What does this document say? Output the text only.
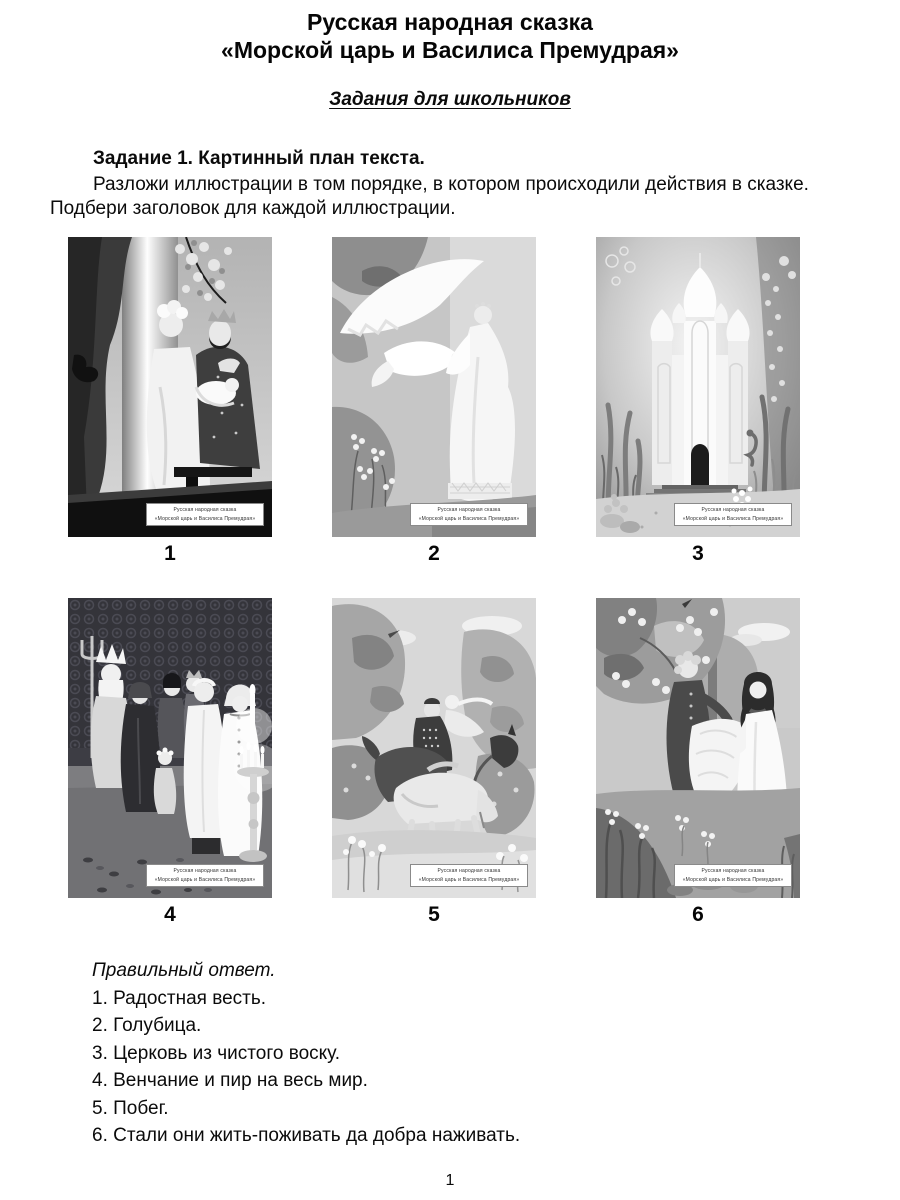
Русская народная сказка
«Морской царь и Василиса Премудрая»
Задания для школьников
Задание 1. Картинный план текста.

Разложи иллюстрации в том порядке, в котором происходили действия в сказке. Подбери заголовок для каждой иллюстрации.

Русская народная сказка
«Морской царь и Василиса Премудрая»
1
Русская народная сказка
«Морской царь и Василиса Премудрая»
2
Русская народная сказка
«Морской царь и Василиса Премудрая»
3
Русская народная сказка
«Морской царь и Василиса Премудрая»
4
Русская народная сказка
«Морской царь и Василиса Премудрая»
5
Русская народная сказка
«Морской царь и Василиса Премудрая»
6
Правильный ответ.
1. Радостная весть.
2. Голубица.
3. Церковь из чистого воску.
4. Венчание и пир на весь мир.
5. Побег.
6. Стали они жить-поживать да добра наживать.
1
